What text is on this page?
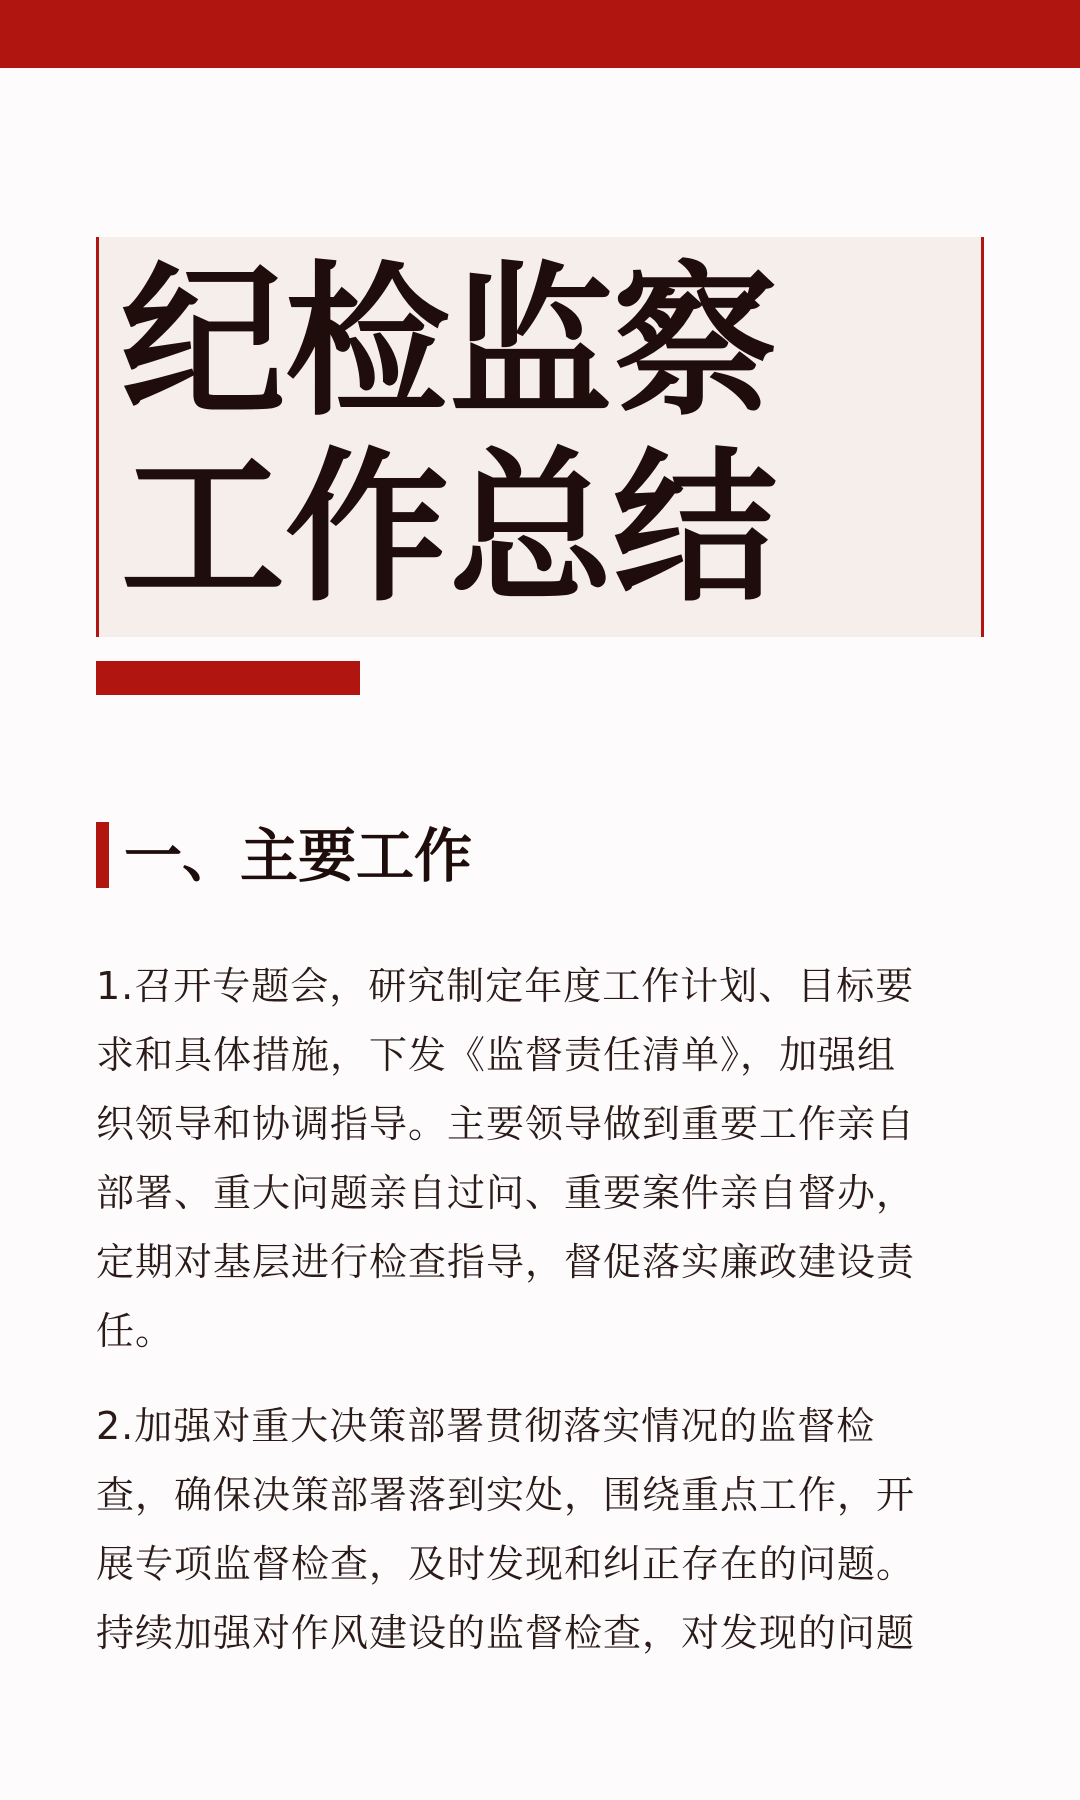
纪检监察
工作总结
一、主要工作
1.召开专题会，研究制定年度工作计划、目标要
求和具体措施，下发《监督责任清单》，加强组
织领导和协调指导。主要领导做到重要工作亲自
部署、重大问题亲自过问、重要案件亲自督办，
定期对基层进行检查指导，督促落实廉政建设责
任。
2.加强对重大决策部署贯彻落实情况的监督检
查，确保决策部署落到实处，围绕重点工作，开
展专项监督检查，及时发现和纠正存在的问题。
持续加强对作风建设的监督检查，对发现的问题
